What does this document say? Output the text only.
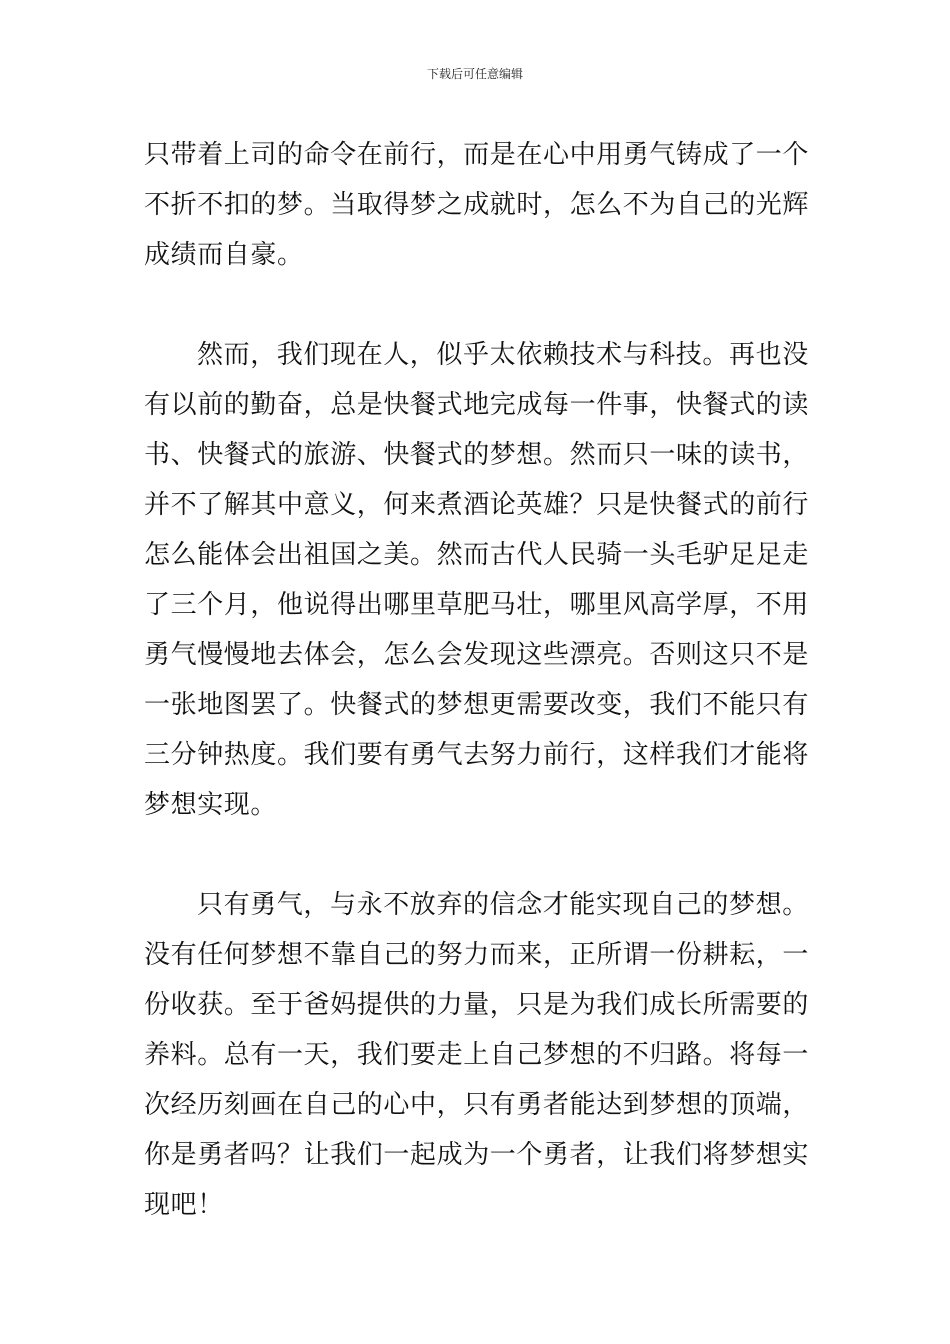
下载后可任意编辑
只带着上司的命令在前行，而是在心中用勇气铸成了一个
不折不扣的梦。当取得梦之成就时，怎么不为自己的光辉
成绩而自豪。
然而，我们现在人，似乎太依赖技术与科技。再也没
有以前的勤奋，总是快餐式地完成每一件事，快餐式的读
书、快餐式的旅游、快餐式的梦想。然而只一味的读书，
并不了解其中意义，何来煮酒论英雄？只是快餐式的前行
怎么能体会出祖国之美。然而古代人民骑一头毛驴足足走
了三个月，他说得出哪里草肥马壮，哪里风高学厚，不用
勇气慢慢地去体会，怎么会发现这些漂亮。否则这只不是
一张地图罢了。快餐式的梦想更需要改变，我们不能只有
三分钟热度。我们要有勇气去努力前行，这样我们才能将
梦想实现。
只有勇气，与永不放弃的信念才能实现自己的梦想。
没有任何梦想不靠自己的努力而来，正所谓一份耕耘，一
份收获。至于爸妈提供的力量，只是为我们成长所需要的
养料。总有一天，我们要走上自己梦想的不归路。将每一
次经历刻画在自己的心中，只有勇者能达到梦想的顶端，
你是勇者吗？让我们一起成为一个勇者，让我们将梦想实
现吧！
